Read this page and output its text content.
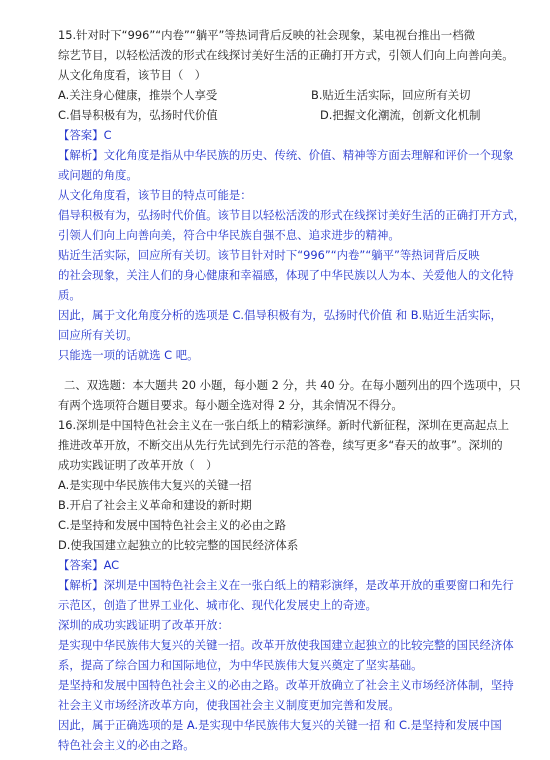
15.针对时下“996”“内卷”“躺平”等热词背后反映的社会现象，某电视台推出一档微
综艺节目，以轻松活泼的形式在线探讨美好生活的正确打开方式，引领人们向上向善向美。
从文化角度看，该节目（　）
A.关注身心健康，推崇个人享受	B.贴近生活实际，回应所有关切
C.倡导积极有为，弘扬时代价值	D.把握文化潮流，创新文化机制
【答案】C
【解析】文化角度是指从中华民族的历史、传统、价值、精神等方面去理解和评价一个现象
或问题的角度。
从文化角度看，该节目的特点可能是：
倡导积极有为，弘扬时代价值。该节目以轻松活泼的形式在线探讨美好生活的正确打开方式，
引领人们向上向善向美，符合中华民族自强不息、追求进步的精神。
贴近生活实际，回应所有关切。该节目针对时下“996”“内卷”“躺平”等热词背后反映
的社会现象，关注人们的身心健康和幸福感，体现了中华民族以人为本、关爱他人的文化特
质。
因此，属于文化角度分析的选项是 C.倡导积极有为，弘扬时代价值 和 B.贴近生活实际，
回应所有关切。
只能选一项的话就选 C 吧。
二、双选题：本大题共 20 小题，每小题 2 分，共 40 分。在每小题列出的四个选项中，只
有两个选项符合题目要求。每小题全选对得 2 分，其余情况不得分。
16.深圳是中国特色社会主义在一张白纸上的精彩演绎。新时代新征程，深圳在更高起点上
推进改革开放，不断交出从先行先试到先行示范的答卷，续写更多“春天的故事”。深圳的
成功实践证明了改革开放（　）
A.是实现中华民族伟大复兴的关键一招
B.开启了社会主义革命和建设的新时期
C.是坚持和发展中国特色社会主义的必由之路
D.使我国建立起独立的比较完整的国民经济体系
【答案】AC
【解析】深圳是中国特色社会主义在一张白纸上的精彩演绎，是改革开放的重要窗口和先行
示范区，创造了世界工业化、城市化、现代化发展史上的奇迹。
深圳的成功实践证明了改革开放：
是实现中华民族伟大复兴的关键一招。改革开放使我国建立起独立的比较完整的国民经济体
系，提高了综合国力和国际地位，为中华民族伟大复兴奠定了坚实基础。
是坚持和发展中国特色社会主义的必由之路。改革开放确立了社会主义市场经济体制，坚持
社会主义市场经济改革方向，使我国社会主义制度更加完善和发展。
因此，属于正确选项的是 A.是实现中华民族伟大复兴的关键一招 和 C.是坚持和发展中国
特色社会主义的必由之路。
